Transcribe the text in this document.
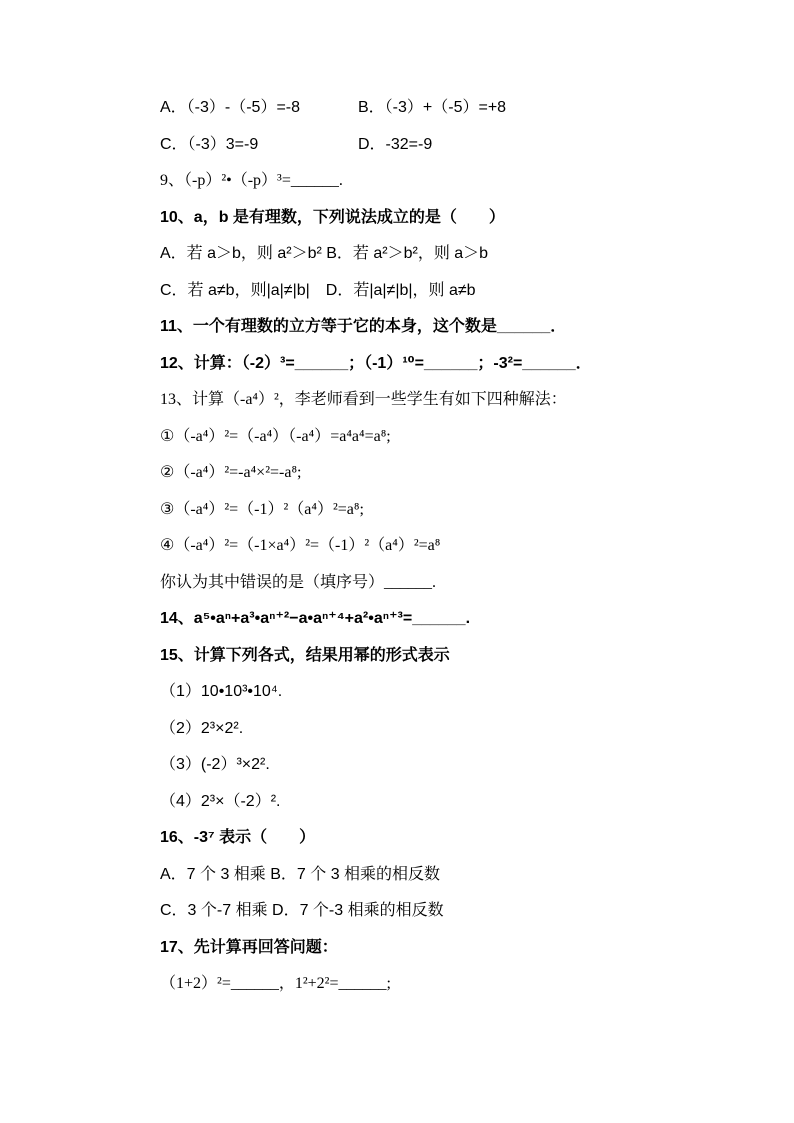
A．（-3）-（-5）=-8	B．（-3）+（-5）=+8
C．（-3）3=-9	D．-32=-9
9、（-p）²•（-p）³=______.
10、a，b 是有理数，下列说法成立的是（　　）
A．若 a＞b，则 a²＞b² B．若 a²＞b²，则 a＞b
C．若 a≠b，则|a|≠|b|　D．若|a|≠|b|，则 a≠b
11、一个有理数的立方等于它的本身，这个数是______．
12、计算：（-2）³=______；（-1）¹⁰=______；-3²=______．
13、计算（-a⁴）²，李老师看到一些学生有如下四种解法：
①（-a⁴）²=（-a⁴）（-a⁴）=a⁴a⁴=a⁸;
②（-a⁴）²=-a⁴×²=-a⁸;
③（-a⁴）²=（-1）²（a⁴）²=a⁸;
④（-a⁴）²=（-1×a⁴）²=（-1）²（a⁴）²=a⁸
你认为其中错误的是（填序号）______.
14、a⁵•aⁿ+a³•aⁿ⁺²−a•aⁿ⁺⁴+a²•aⁿ⁺³=______.
15、计算下列各式，结果用幂的形式表示
（1）10•10³•10⁴.
（2）2³×2².
（3）(-2）³×2².
（4）2³×（-2）².
16、-3⁷ 表示（　　）
A．7 个 3 相乘 B．7 个 3 相乘的相反数
C．3 个-7 相乘 D．7 个-3 相乘的相反数
17、先计算再回答问题：
（1+2）²=______，1²+2²=______;
